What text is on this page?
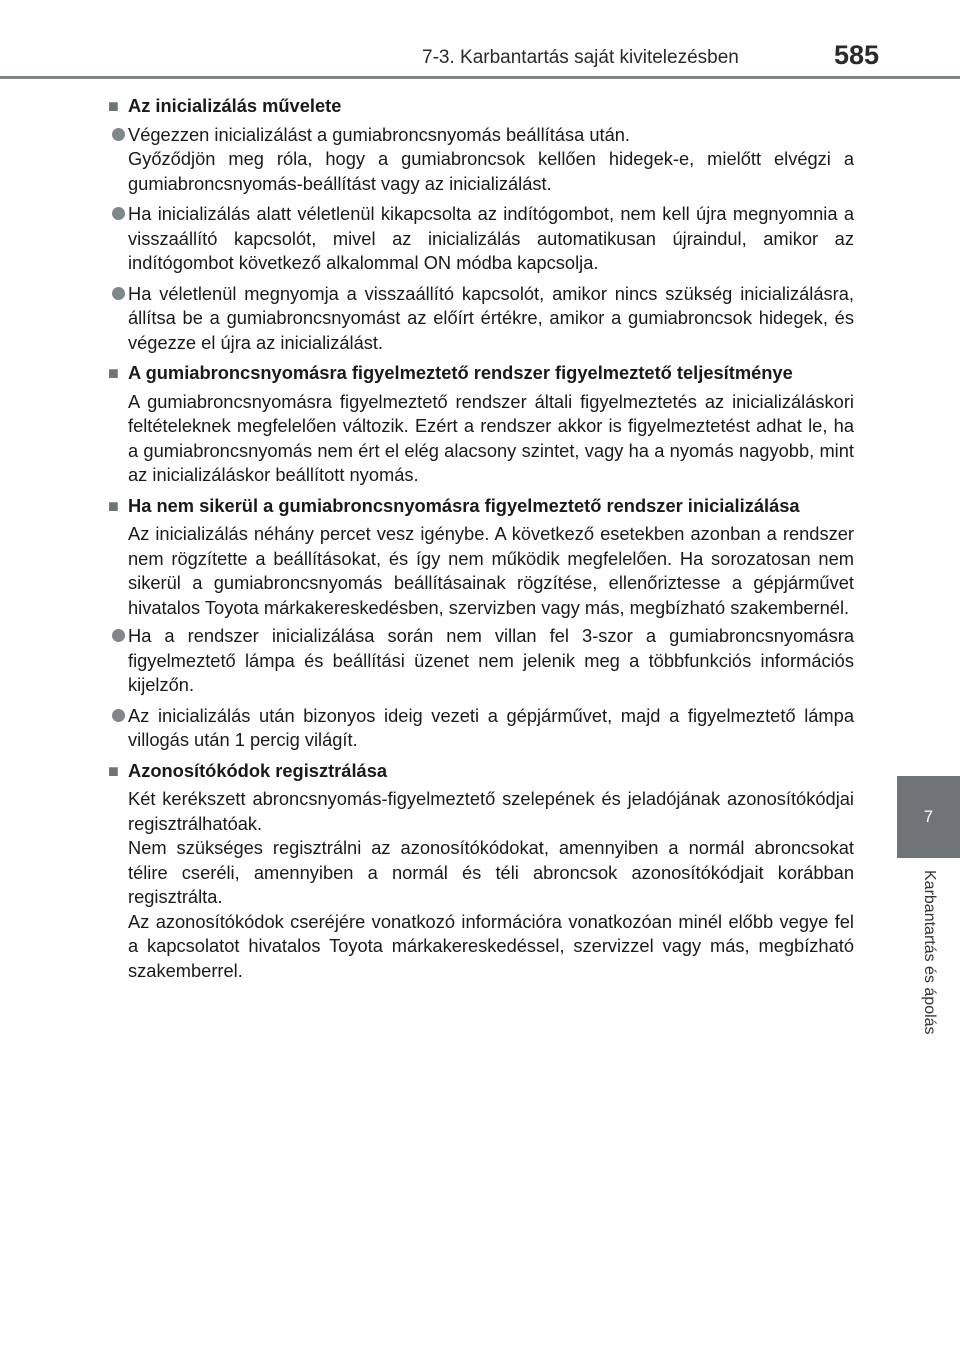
7-3. Karbantartás saját kivitelezésben	585
7
Karbantartás és ápolás
■ Az inicializálás művelete
Végezzen inicializálást a gumiabroncsnyomás beállítása után.
Győződjön meg róla, hogy a gumiabroncsok kellően hidegek-e, mielőtt elvégzi a gumiabroncsnyomás-beállítást vagy az inicializálást.
Ha inicializálás alatt véletlenül kikapcsolta az indítógombot, nem kell újra megnyomnia a visszaállító kapcsolót, mivel az inicializálás automatikusan újraindul, amikor az indítógombot következő alkalommal ON módba kapcsolja.
Ha véletlenül megnyomja a visszaállító kapcsolót, amikor nincs szükség inicializálásra, állítsa be a gumiabroncsnyomást az előírt értékre, amikor a gumiabroncsok hidegek, és végezze el újra az inicializálást.
■ A gumiabroncsnyomásra figyelmeztető rendszer figyelmeztető teljesítménye
A gumiabroncsnyomásra figyelmeztető rendszer általi figyelmeztetés az inicializáláskori feltételeknek megfelelően változik. Ezért a rendszer akkor is figyelmeztetést adhat le, ha a gumiabroncsnyomás nem ért el elég alacsony szintet, vagy ha a nyomás nagyobb, mint az inicializáláskor beállított nyomás.
■ Ha nem sikerül a gumiabroncsnyomásra figyelmeztető rendszer inicializálása
Az inicializálás néhány percet vesz igénybe. A következő esetekben azonban a rendszer nem rögzítette a beállításokat, és így nem működik megfelelően. Ha sorozatosan nem sikerül a gumiabroncsnyomás beállításainak rögzítése, ellenőriztesse a gépjárművet hivatalos Toyota márkakereskedésben, szervizben vagy más, megbízható szakembernél.
Ha a rendszer inicializálása során nem villan fel 3-szor a gumiabroncsnyomásra figyelmeztető lámpa és beállítási üzenet nem jelenik meg a többfunkciós információs kijelzőn.
Az inicializálás után bizonyos ideig vezeti a gépjárművet, majd a figyelmeztető lámpa villogás után 1 percig világít.
■ Azonosítókódok regisztrálása
Két kerékszett abroncsnyomás-figyelmeztető szelepének és jeladójának azonosítókódjai regisztrálhatóak.
Nem szükséges regisztrálni az azonosítókódokat, amennyiben a normál abroncsokat télire cseréli, amennyiben a normál és téli abroncsok azonosítókódjait korábban regisztrálta.
Az azonosítókódok cseréjére vonatkozó információra vonatkozóan minél előbb vegye fel a kapcsolatot hivatalos Toyota márkakereskedéssel, szervizzel vagy más, megbízható szakemberrel.
